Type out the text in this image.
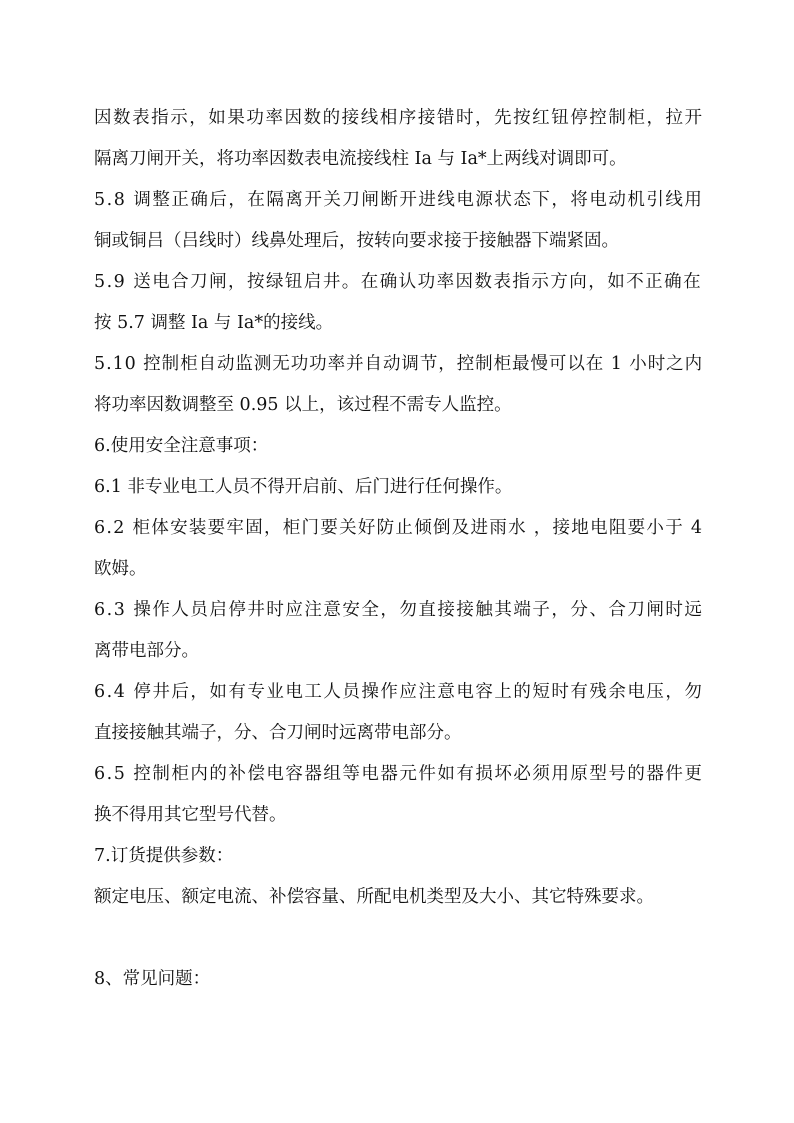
因数表指示，如果功率因数的接线相序接错时，先按红钮停控制柜，拉开
隔离刀闸开关，将功率因数表电流接线柱 Ia 与 Ia*上两线对调即可。
5.8 调整正确后，在隔离开关刀闸断开进线电源状态下，将电动机引线用
铜或铜吕（吕线时）线鼻处理后，按转向要求接于接触器下端紧固。
5.9 送电合刀闸，按绿钮启井。在确认功率因数表指示方向，如不正确在
按 5.7 调整 Ia 与 Ia*的接线。
5.10 控制柜自动监测无功功率并自动调节，控制柜最慢可以在 1 小时之内
将功率因数调整至 0.95 以上，该过程不需专人监控。
6.使用安全注意事项：
6.1 非专业电工人员不得开启前、后门进行任何操作。
6.2 柜体安装要牢固，柜门要关好防止倾倒及进雨水 ，接地电阻要小于 4
欧姆。
6.3 操作人员启停井时应注意安全，勿直接接触其端子，分、合刀闸时远
离带电部分。
6.4 停井后，如有专业电工人员操作应注意电容上的短时有残余电压，勿
直接接触其端子，分、合刀闸时远离带电部分。
6.5 控制柜内的补偿电容器组等电器元件如有损坏必须用原型号的器件更
换不得用其它型号代替。
7.订货提供参数：
额定电压、额定电流、补偿容量、所配电机类型及大小、其它特殊要求。
8、常见问题：
